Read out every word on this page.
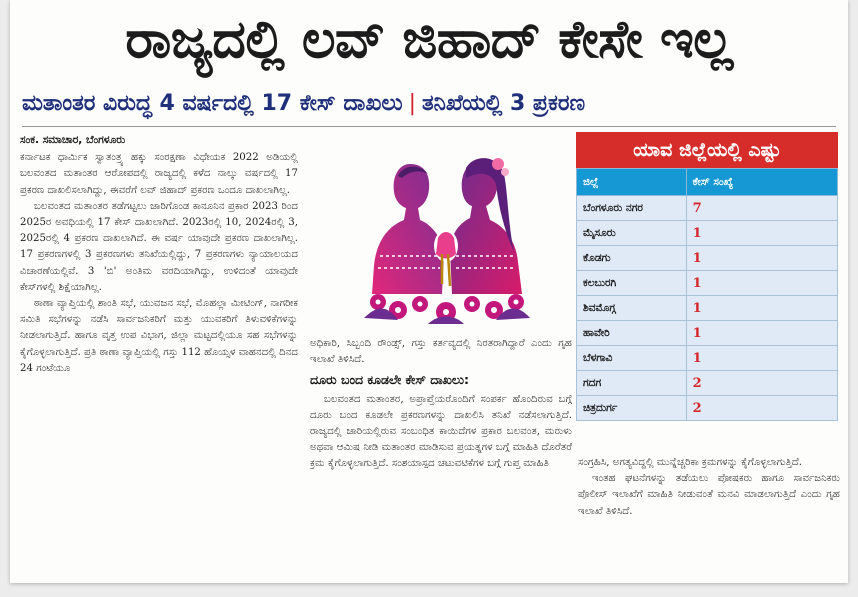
ರಾಜ್ಯದಲ್ಲಿ ಲವ್ ಜಿಹಾದ್ ಕೇಸೇ ಇಲ್ಲ
ಮತಾಂತರ ವಿರುದ್ಧ 4 ವರ್ಷದಲ್ಲಿ 17 ಕೇಸ್ ದಾಖಲು | ತನಿಖೆಯಲ್ಲಿ 3 ಪ್ರಕರಣ
ಸಂಕ. ಸಮಾಚಾರ, ಬೆಂಗಳೂರು

ಕರ್ನಾಟಕ ಧಾರ್ಮಿಕ ಸ್ವಾತಂತ್ರ್ಯ ಹಕ್ಕು ಸಂರಕ್ಷಣಾ ವಿಧೇಯಕ 2022 ಅಡಿಯಲ್ಲಿ ಬಲವಂತದ ಮತಾಂತರ ಆರೋಪದಲ್ಲಿ ರಾಜ್ಯದಲ್ಲಿ ಕಳೆದ ನಾಲ್ಕು ವರ್ಷದಲ್ಲಿ 17 ಪ್ರಕರಣ ದಾಖಲಿಸಲಾಗಿದ್ದು, ಈವರೆಗೆ ಲವ್ ಜಿಹಾದ್ ಪ್ರಕರಣ ಒಂದೂ ದಾಖಲಾಗಿಲ್ಲ.

ಬಲವಂತದ ಮತಾಂತರ ತಡೆಗಟ್ಟಲು ಜಾರಿಗೊಂಡ ಕಾನೂನಿನ ಪ್ರಕಾರ 2023 ರಿಂದ 2025ರ ಅವಧಿಯಲ್ಲಿ 17 ಕೇಸ್ ದಾಖಲಾಗಿದೆ. 2023ರಲ್ಲಿ 10, 2024ರಲ್ಲಿ 3, 2025ರಲ್ಲಿ 4 ಪ್ರಕರಣ ದಾಖಲಾಗಿದೆ. ಈ ವರ್ಷ ಯಾವುದೇ ಪ್ರಕರಣ ದಾಖಲಾಗಿಲ್ಲ. 17 ಪ್ರಕರಣಗಳಲ್ಲಿ 3 ಪ್ರಕರಣಗಳು ತನಿಖೆಯಲ್ಲಿದ್ದು, 7 ಪ್ರಕರಣಗಳು ನ್ಯಾಯಾಲಯದ ವಿಚಾರಣೆಯಲ್ಲಿವೆ. 3 'ಬಿ' ಅಂತಿಮ ವರದಿಯಾಗಿದ್ದು, ಉಳಿದಂತೆ ಯಾವುದೇ ಕೇಸ್‌ಗಳಲ್ಲಿ ಶಿಕ್ಷೆಯಾಗಿಲ್ಲ.

ಠಾಣಾ ವ್ಯಾಪ್ತಿಯಲ್ಲಿ ಶಾಂತಿ ಸಭೆ, ಯುವಜನ ಸಭೆ, ಮೊಹಲ್ಲಾ ಮೀಟಿಂಗ್, ನಾಗರೀಕ ಸಮಿತಿ ಸಭೆಗಳನ್ನು ನಡೆಸಿ ಸಾರ್ವಜನಿಕರಿಗೆ ಮತ್ತು ಯುವಕರಿಗೆ ತಿಳುವಳಿಕೆಗಳನ್ನು ನೀಡಲಾಗುತ್ತಿದೆ. ಹಾಗೂ ವೃತ್ತ ಉಪ ವಿಭಾಗ, ಜಿಲ್ಲಾ ಮಟ್ಟದಲ್ಲಿಯೂ ಸಹ ಸಭೆಗಳನ್ನು ಕೈಗೊಳ್ಳಲಾಗುತ್ತಿದೆ. ಪ್ರತಿ ಠಾಣಾ ವ್ಯಾಪ್ತಿಯಲ್ಲಿ ಗಸ್ತು 112 ಹೊಯ್ಸಳ ವಾಹನದಲ್ಲಿ ದಿನದ 24 ಗಂಟೆಯೂ

ಅಧಿಕಾರಿ, ಸಿಬ್ಬಂದಿ ರೌಂಡ್ಸ್, ಗಸ್ತು ಕರ್ತವ್ಯದಲ್ಲಿ ನಿರತರಾಗಿದ್ದಾರೆ ಎಂದು ಗೃಹ ಇಲಾಖೆ ತಿಳಿಸಿದೆ.

ದೂರು ಬಂದ ಕೂಡಲೇ ಕೇಸ್ ದಾಖಲು:

ಬಲವಂತದ ಮತಾಂತರ, ಅಪ್ರಾಪ್ತೆಯರೊಂದಿಗೆ ಸಂಪರ್ಕ ಹೊಂದಿರುವ ಬಗ್ಗೆ ದೂರು ಬಂದ ಕೂಡಲೇ ಪ್ರಕರಣಗಳನ್ನು ದಾಖಲಿಸಿ ತನಿಖೆ ನಡೆಸಲಾಗುತ್ತಿದೆ. ರಾಜ್ಯದಲ್ಲಿ ಜಾರಿಯಲ್ಲಿರುವ ಸಂಬಂಧಿತ ಕಾಯಿದೆಗಳ ಪ್ರಕಾರ ಬಲವಂತ, ಮರುಳು ಅಥವಾ ಆಮಿಷ ನೀಡಿ ಮತಾಂತರ ಮಾಡಿಸುವ ಪ್ರಯತ್ನಗಳ ಬಗ್ಗೆ ಮಾಹಿತಿ ದೊರೆತರೆ ಕ್ರಮ ಕೈಗೊಳ್ಳಲಾಗುತ್ತಿದೆ. ಸಂಶಯಾಸ್ಪದ ಚಟುವಟಿಕೆಗಳ ಬಗ್ಗೆ ಗುಪ್ತ ಮಾಹಿತಿ

ಯಾವ ಜಿಲ್ಲೆಯಲ್ಲಿ ಎಷ್ಟು
ಜಿಲ್ಲೆ	ಕೇಸ್ ಸಂಖ್ಯೆ
ಬೆಂಗಳೂರು ನಗರ	7
ಮೈಸೂರು	1
ಕೊಡಗು	1
ಕಲಬುರಗಿ	1
ಶಿವಮೊಗ್ಗ	1
ಹಾವೇರಿ	1
ಬೆಳಗಾವಿ	1
ಗದಗ	2
ಚಿತ್ರದುರ್ಗ	2

ಸಂಗ್ರಹಿಸಿ, ಅಗತ್ಯವಿದ್ದಲ್ಲಿ ಮುನ್ನೆಚ್ಚರಿಕಾ ಕ್ರಮಗಳನ್ನು ಕೈಗೊಳ್ಳಲಾಗುತ್ತಿದೆ.

ಇಂತಹ ಘಟನೆಗಳನ್ನು ತಡೆಯಲು ಪೋಷಕರು ಹಾಗೂ ಸಾರ್ವಜನಿಕರು ಪೊಲೀಸ್ ಇಲಾಖೆಗೆ ಮಾಹಿತಿ ನೀಡುವಂತೆ ಮನವಿ ಮಾಡಲಾಗುತ್ತಿದೆ ಎಂದು ಗೃಹ ಇಲಾಖೆ ತಿಳಿಸಿದೆ.
